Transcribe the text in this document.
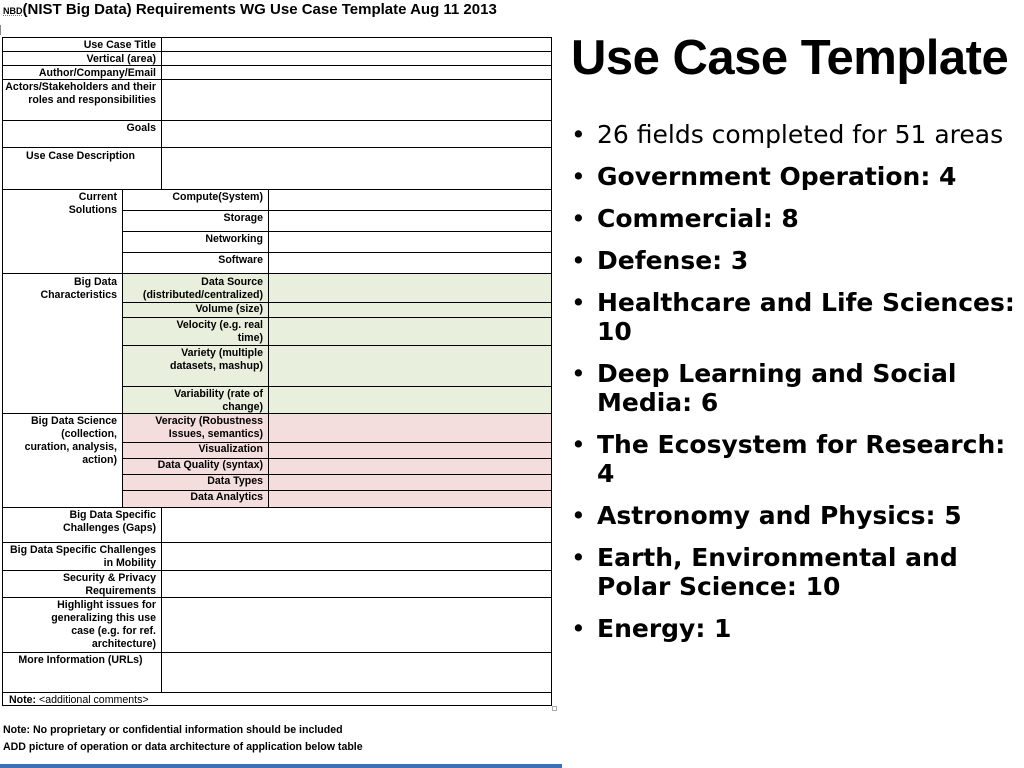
NBD(NIST Big Data) Requirements WG Use Case Template Aug 11 2013
Use Case Title
Vertical (area)
Author/Company/Email
Actors/Stakeholders and their roles and responsibilities
Goals
Use Case Description
Current Solutions
Compute(System)
Storage
Networking
Software
Big Data Characteristics
Data Source (distributed/centralized)
Volume (size)
Velocity (e.g. real time)
Variety (multiple datasets, mashup)
Variability (rate of change)
Big Data Science (collection, curation, analysis, action)
Veracity (Robustness Issues, semantics)
Visualization
Data Quality (syntax)
Data Types
Data Analytics
Big Data Specific Challenges (Gaps)
Big Data Specific Challenges in Mobility
Security & Privacy Requirements
Highlight issues for generalizing this use case (e.g. for ref. architecture)
More Information (URLs)
Note: <additional comments>
Note: No proprietary or confidential information should be included
ADD picture of operation or data architecture of application below table
Use Case Template
• 26 fields completed for 51 areas
• Government Operation: 4
• Commercial: 8
• Defense: 3
• Healthcare and Life Sciences: 10
• Deep Learning and Social Media: 6
• The Ecosystem for Research: 4
• Astronomy and Physics: 5
• Earth, Environmental and Polar Science: 10
• Energy: 1
